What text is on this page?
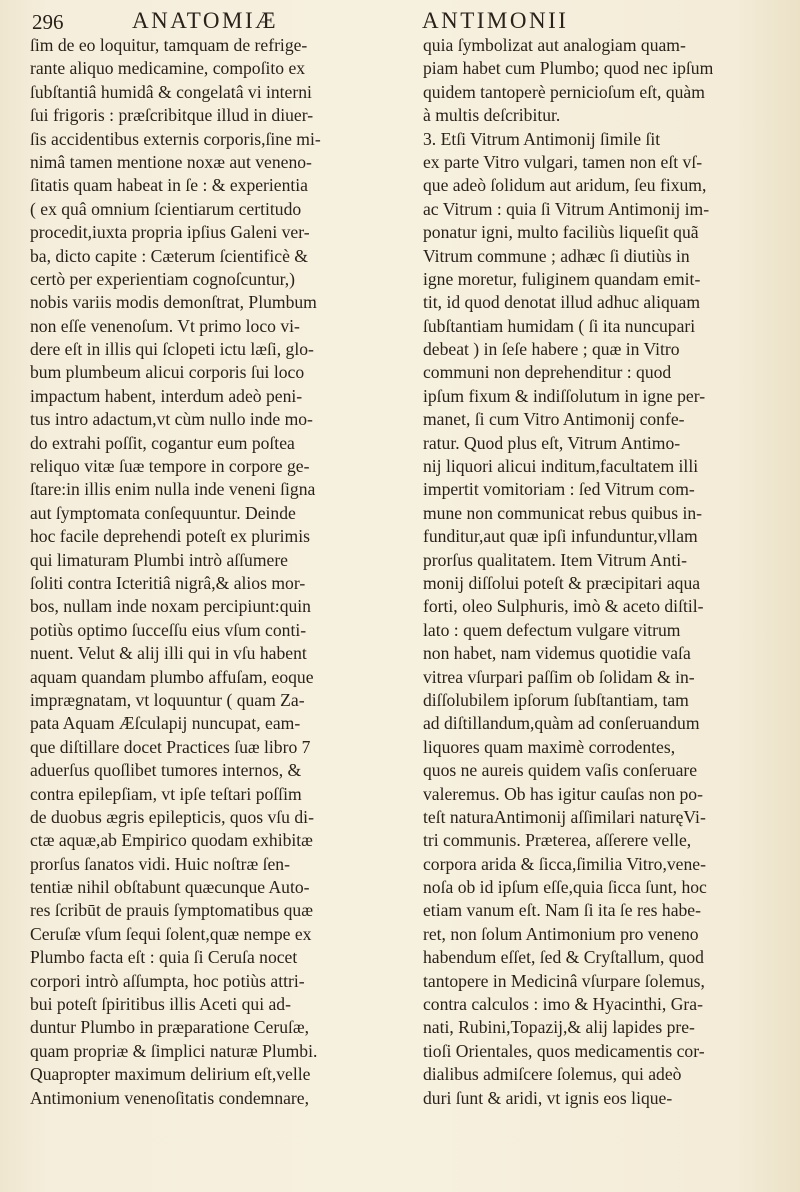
296	ANATOMIÆ	ANTIMONII
ſim de eo loquitur, tamquam de refrige-
rante aliquo medicamine, compoſito ex
ſubſtantiâ humidâ & congelatâ vi interni
ſui frigoris : præſcribitque illud in diuer-
ſis accidentibus externis corporis,ſine mi-
nimâ tamen mentione noxæ aut veneno-
ſitatis quam habeat in ſe : & experientia
( ex quâ omnium ſcientiarum certitudo
procedit,iuxta propria ipſius Galeni ver-
ba, dicto capite : Cæterum ſcientificè &
certò per experientiam cognoſcuntur,)
nobis variis modis demonſtrat, Plumbum
non eſſe venenoſum. Vt primo loco vi-
dere eſt in illis qui ſclopeti ictu læſi, glo-
bum plumbeum alicui corporis ſui loco
impactum habent, interdum adeò peni-
tus intro adactum,vt cùm nullo inde mo-
do extrahi poſſit, cogantur eum poſtea
reliquo vitæ ſuæ tempore in corpore ge-
ſtare:in illis enim nulla inde veneni ſigna
aut ſymptomata conſequuntur. Deinde
hoc facile deprehendi poteſt ex plurimis
qui limaturam Plumbi intrò aſſumere
ſoliti contra Icteritiâ nigrâ,& alios mor-
bos, nullam inde noxam percipiunt:quin
potiùs optimo ſucceſſu eius vſum conti-
nuent. Velut & alij illi qui in vſu habent
aquam quandam plumbo affuſam, eoque
imprægnatam, vt loquuntur ( quam Za-
pata Aquam Æſculapij nuncupat, eam-
que diſtillare docet Practices ſuæ libro 7
aduerſus quoſlibet tumores internos, &
contra epilepſiam, vt ipſe teſtari poſſim
de duobus ægris epilepticis, quos vſu di-
ctæ aquæ,ab Empirico quodam exhibitæ
prorſus ſanatos vidi. Huic noſtræ ſen-
tentiæ nihil obſtabunt quæcunque Auto-
res ſcribūt de prauis ſymptomatibus quæ
Ceruſæ vſum ſequi ſolent,quæ nempe ex
Plumbo facta eſt : quia ſi Ceruſa nocet
corpori intrò aſſumpta, hoc potiùs attri-
bui poteſt ſpiritibus illis Aceti qui ad-
duntur Plumbo in præparatione Ceruſæ,
quam propriæ & ſimplici naturæ Plumbi.
Quapropter maximum delirium eſt,velle
Antimonium venenoſitatis condemnare,
quia ſymbolizat aut analogiam quam-
piam habet cum Plumbo; quod nec ipſum
quidem tantoperè pernicioſum eſt, quàm
à multis deſcribitur.
3. Etſi Vitrum Antimonij ſimile ſit
ex parte Vitro vulgari, tamen non eſt vſ-
que adeò ſolidum aut aridum, ſeu fixum,
ac Vitrum : quia ſi Vitrum Antimonij im-
ponatur igni, multo faciliùs liqueſit quã
Vitrum commune ; adhæc ſi diutiùs in
igne moretur, fuliginem quandam emit-
tit, id quod denotat illud adhuc aliquam
ſubſtantiam humidam ( ſi ita nuncupari
debeat ) in ſeſe habere ; quæ in Vitro
communi non deprehenditur : quod
ipſum fixum & indiſſolutum in igne per-
manet, ſi cum Vitro Antimonij confe-
ratur. Quod plus eſt, Vitrum Antimo-
nij liquori alicui inditum,facultatem illi
impertit vomitoriam : ſed Vitrum com-
mune non communicat rebus quibus in-
funditur,aut quæ ipſi infunduntur,vllam
prorſus qualitatem. Item Vitrum Anti-
monij diſſolui poteſt & præcipitari aqua
forti, oleo Sulphuris, imò & aceto diſtil-
lato : quem defectum vulgare vitrum
non habet, nam videmus quotidie vaſa
vitrea vſurpari paſſim ob ſolidam & in-
diſſolubilem ipſorum ſubſtantiam, tam
ad diſtillandum,quàm ad conſeruandum
liquores quam maximè corrodentes,
quos ne aureis quidem vaſis conſeruare
valeremus. Ob has igitur cauſas non po-
teſt naturaAntimonij aſſimilari naturęVi-
tri communis. Præterea, aſſerere velle,
corpora arida & ſicca,ſimilia Vitro,vene-
noſa ob id ipſum eſſe,quia ſicca ſunt, hoc
etiam vanum eſt. Nam ſi ita ſe res habe-
ret, non ſolum Antimonium pro veneno
habendum eſſet, ſed & Cryſtallum, quod
tantopere in Medicinâ vſurpare ſolemus,
contra calculos : imo & Hyacinthi, Gra-
nati, Rubini,Topazij,& alij lapides pre-
tioſi Orientales, quos medicamentis cor-
dialibus admiſcere ſolemus, qui adeò
duri ſunt & aridi, vt ignis eos lique-
